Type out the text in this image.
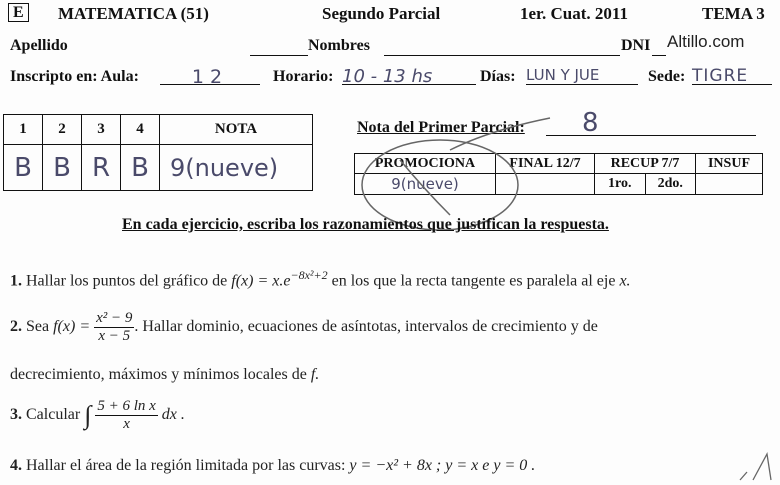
E MATEMATICA (51)	Segundo Parcial	1er. Cuat. 2011	TEMA 3
Apellido	Nombres	DNI Altillo.com
Inscripto en: Aula:	12	Horario: 10 - 13 hs	Días: LUN Y JUE	Sede: TIGRE
1	2	3	4	NOTA
B	B	R	B	9(nueve)
Nota del Primer Parcial: 8
PROMOCIONA	FINAL 12/7	RECUP 7/7		INSUF
9(nueve)		1ro.	2do.	
En cada ejercicio, escriba los razonamientos que justifican la respuesta.
1. Hallar los puntos del gráfico de $f(x) = x.e^{-8x^2+2}$ en los que la recta tangente es paralela al eje x.
2. Sea $f(x) = \frac{\text{x² − 9}}{x - 5}$ . Hallar dominio, ecuaciones de asíntotas, intervalos de crecimiento y de
decrecimiento, máximos y mínimos locales de f.
3. Calcular ∫ $\frac{\text{5 + 6 ln x}}{x}$ dx .
4. Hallar el área de la región limitada por las curvas: y = −x² + 8x ; y = x e y = 0 .
